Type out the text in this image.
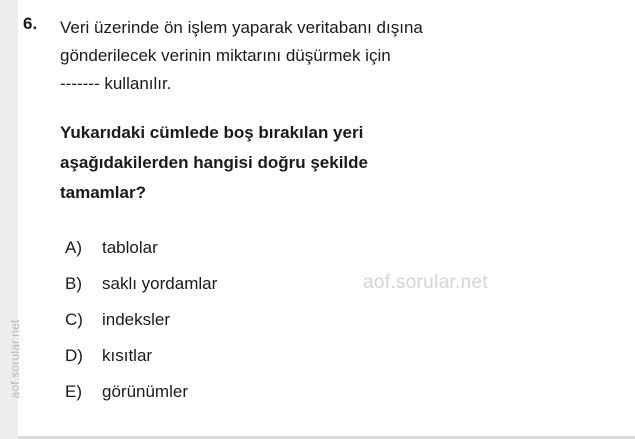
aof.sorular.net
6. Veri üzerinde ön işlem yaparak veritabanı dışına
gönderilecek verinin miktarını düşürmek için
------- kullanılır.
Yukarıdaki cümlede boş bırakılan yeri
aşağıdakilerden hangisi doğru şekilde
tamamlar?
A) tablolar
B) saklı yordamlar
C) indeksler
D) kısıtlar
E) görünümler
aof.sorular.net
